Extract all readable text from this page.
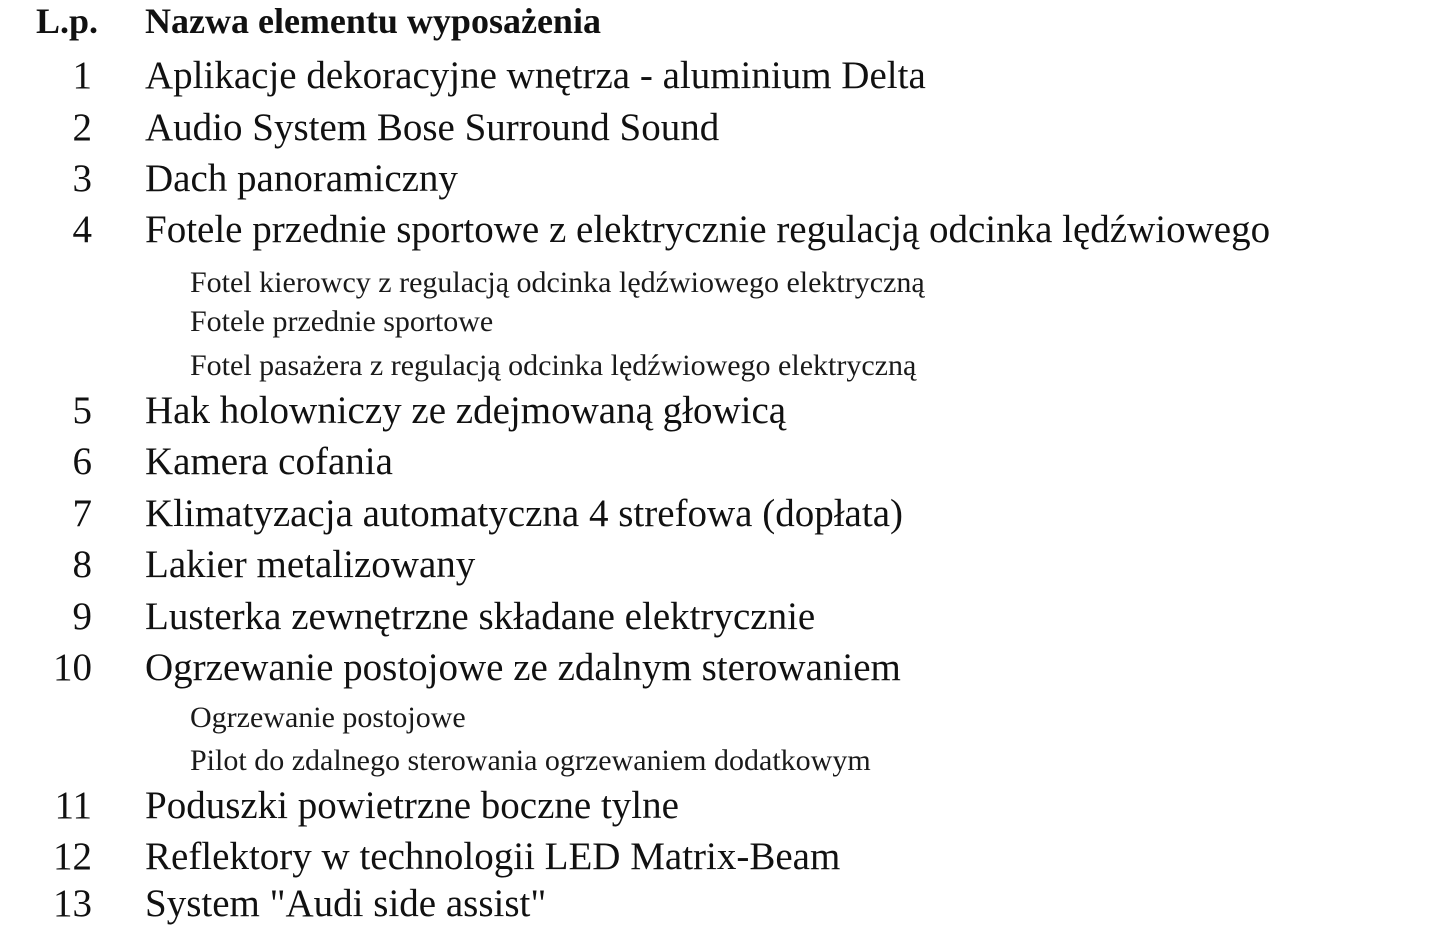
L.p. Nazwa elementu wyposażenia
1 Aplikacje dekoracyjne wnętrza - aluminium Delta
2 Audio System Bose Surround Sound
3 Dach panoramiczny
4 Fotele przednie sportowe z elektrycznie regulacją odcinka lędźwiowego
Fotel kierowcy z regulacją odcinka lędźwiowego elektryczną
Fotele przednie sportowe
Fotel pasażera z regulacją odcinka lędźwiowego elektryczną
5 Hak holowniczy ze zdejmowaną głowicą
6 Kamera cofania
7 Klimatyzacja automatyczna 4 strefowa (dopłata)
8 Lakier metalizowany
9 Lusterka zewnętrzne składane elektrycznie
10 Ogrzewanie postojowe ze zdalnym sterowaniem
Ogrzewanie postojowe
Pilot do zdalnego sterowania ogrzewaniem dodatkowym
11 Poduszki powietrzne boczne tylne
12 Reflektory w technologii LED Matrix-Beam
13 System "Audi side assist"
